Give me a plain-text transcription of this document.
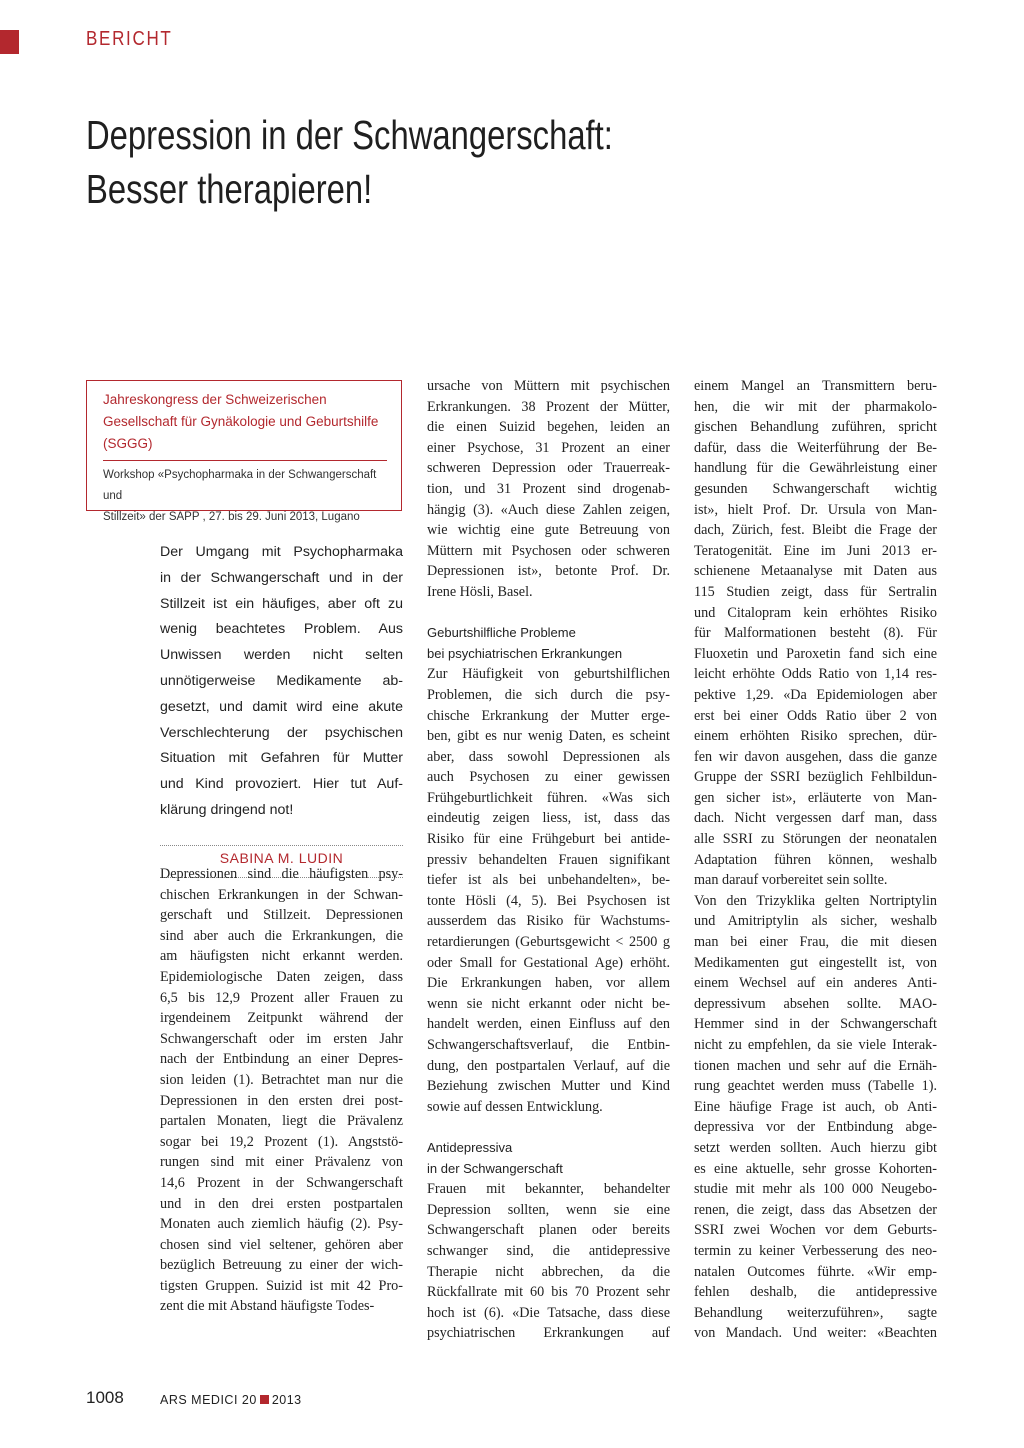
BERICHT
Depression in der Schwangerschaft:
Besser therapieren!

Jahreskongress der Schweizerischen
Gesellschaft für Gynäkologie und Geburtshilfe
(SGGG)

Workshop «Psychopharmaka in der Schwangerschaft und
Stillzeit» der SAPP , 27. bis 29. Juni 2013, Lugano

Der Umgang mit Psychopharmaka
in der Schwangerschaft und in der
Stillzeit ist ein häufiges, aber oft zu
wenig beachtetes Problem. Aus
Unwissen werden nicht selten
unnötigerweise Medikamente ab-
gesetzt, und damit wird eine akute
Verschlechterung der psychischen
Situation mit Gefahren für Mutter
und Kind provoziert. Hier tut Auf-
klärung dringend not!
SABINA M. LUDIN
Depressionen sind die häufigsten psy-
chischen Erkrankungen in der Schwan-
gerschaft und Stillzeit. Depressionen
sind aber auch die Erkrankungen, die
am häufigsten nicht erkannt werden.
Epidemiologische Daten zeigen, dass
6,5 bis 12,9 Prozent aller Frauen zu
irgendeinem Zeitpunkt während der
Schwangerschaft oder im ersten Jahr
nach der Entbindung an einer Depres-
sion leiden (1). Betrachtet man nur die
Depressionen in den ersten drei post-
partalen Monaten, liegt die Prävalenz
sogar bei 19,2 Prozent (1). Angststö-
rungen sind mit einer Prävalenz von
14,6 Prozent in der Schwangerschaft
und in den drei ersten postpartalen
Monaten auch ziemlich häufig (2). Psy-
chosen sind viel seltener, gehören aber
bezüglich Betreuung zu einer der wich-
tigsten Gruppen. Suizid ist mit 42 Pro-
zent die mit Abstand häufigste Todes-
ursache von Müttern mit psychischen
Erkrankungen. 38 Prozent der Mütter,
die einen Suizid begehen, leiden an
einer Psychose, 31 Prozent an einer
schweren Depression oder Trauerreak-
tion, und 31 Prozent sind drogenab-
hängig (3). «Auch diese Zahlen zeigen,
wie wichtig eine gute Betreuung von
Müttern mit Psychosen oder schweren
Depressionen ist», betonte Prof. Dr.
Irene Hösli, Basel.
Geburtshilfliche Probleme
bei psychiatrischen Erkrankungen
Zur Häufigkeit von geburtshilflichen
Problemen, die sich durch die psy-
chische Erkrankung der Mutter erge-
ben, gibt es nur wenig Daten, es scheint
aber, dass sowohl Depressionen als
auch Psychosen zu einer gewissen
Frühgeburtlichkeit führen. «Was sich
eindeutig zeigen liess, ist, dass das
Risiko für eine Frühgeburt bei antide-
pressiv behandelten Frauen signifikant
tiefer ist als bei unbehandelten», be-
tonte Hösli (4, 5). Bei Psychosen ist
ausserdem das Risiko für Wachstums-
retardierungen (Geburtsgewicht < 2500 g
oder Small for Gestational Age) erhöht.
Die Erkrankungen haben, vor allem
wenn sie nicht erkannt oder nicht be-
handelt werden, einen Einfluss auf den
Schwangerschaftsverlauf, die Entbin-
dung, den postpartalen Verlauf, auf die
Beziehung zwischen Mutter und Kind
sowie auf dessen Entwicklung.
Antidepressiva
in der Schwangerschaft
Frauen mit bekannter, behandelter
Depression sollten, wenn sie eine
Schwangerschaft planen oder bereits
schwanger sind, die antidepressive
Therapie nicht abbrechen, da die
Rückfallrate mit 60 bis 70 Prozent sehr
hoch ist (6). «Die Tatsache, dass diese
psychiatrischen Erkrankungen auf
einem Mangel an Transmittern beru-
hen, die wir mit der pharmakolo-
gischen Behandlung zuführen, spricht
dafür, dass die Weiterführung der Be-
handlung für die Gewährleistung einer
gesunden Schwangerschaft wichtig
ist», hielt Prof. Dr. Ursula von Man-
dach, Zürich, fest. Bleibt die Frage der
Teratogenität. Eine im Juni 2013 er-
schienene Metaanalyse mit Daten aus
115 Studien zeigt, dass für Sertralin
und Citalopram kein erhöhtes Risiko
für Malformationen besteht (8). Für
Fluoxetin und Paroxetin fand sich eine
leicht erhöhte Odds Ratio von 1,14 res-
pektive 1,29. «Da Epidemiologen aber
erst bei einer Odds Ratio über 2 von
einem erhöhten Risiko sprechen, dür-
fen wir davon ausgehen, dass die ganze
Gruppe der SSRI bezüglich Fehlbildun-
gen sicher ist», erläuterte von Man-
dach. Nicht vergessen darf man, dass
alle SSRI zu Störungen der neonatalen
Adaptation führen können, weshalb
man darauf vorbereitet sein sollte.
Von den Trizyklika gelten Nortriptylin
und Amitriptylin als sicher, weshalb
man bei einer Frau, die mit diesen
Medikamenten gut eingestellt ist, von
einem Wechsel auf ein anderes Anti-
depressivum absehen sollte. MAO-
Hemmer sind in der Schwangerschaft
nicht zu empfehlen, da sie viele Interak-
tionen machen und sehr auf die Ernäh-
rung geachtet werden muss (Tabelle 1).
Eine häufige Frage ist auch, ob Anti-
depressiva vor der Entbindung abge-
setzt werden sollten. Auch hierzu gibt
es eine aktuelle, sehr grosse Kohorten-
studie mit mehr als 100 000 Neugebo-
renen, die zeigt, dass das Absetzen der
SSRI zwei Wochen vor dem Geburts-
termin zu keiner Verbesserung des neo-
natalen Outcomes führte. «Wir emp-
fehlen deshalb, die antidepressive
Behandlung weiterzuführen», sagte
von Mandach. Und weiter: «Beachten
1008	ARS MEDICI 20 2013
